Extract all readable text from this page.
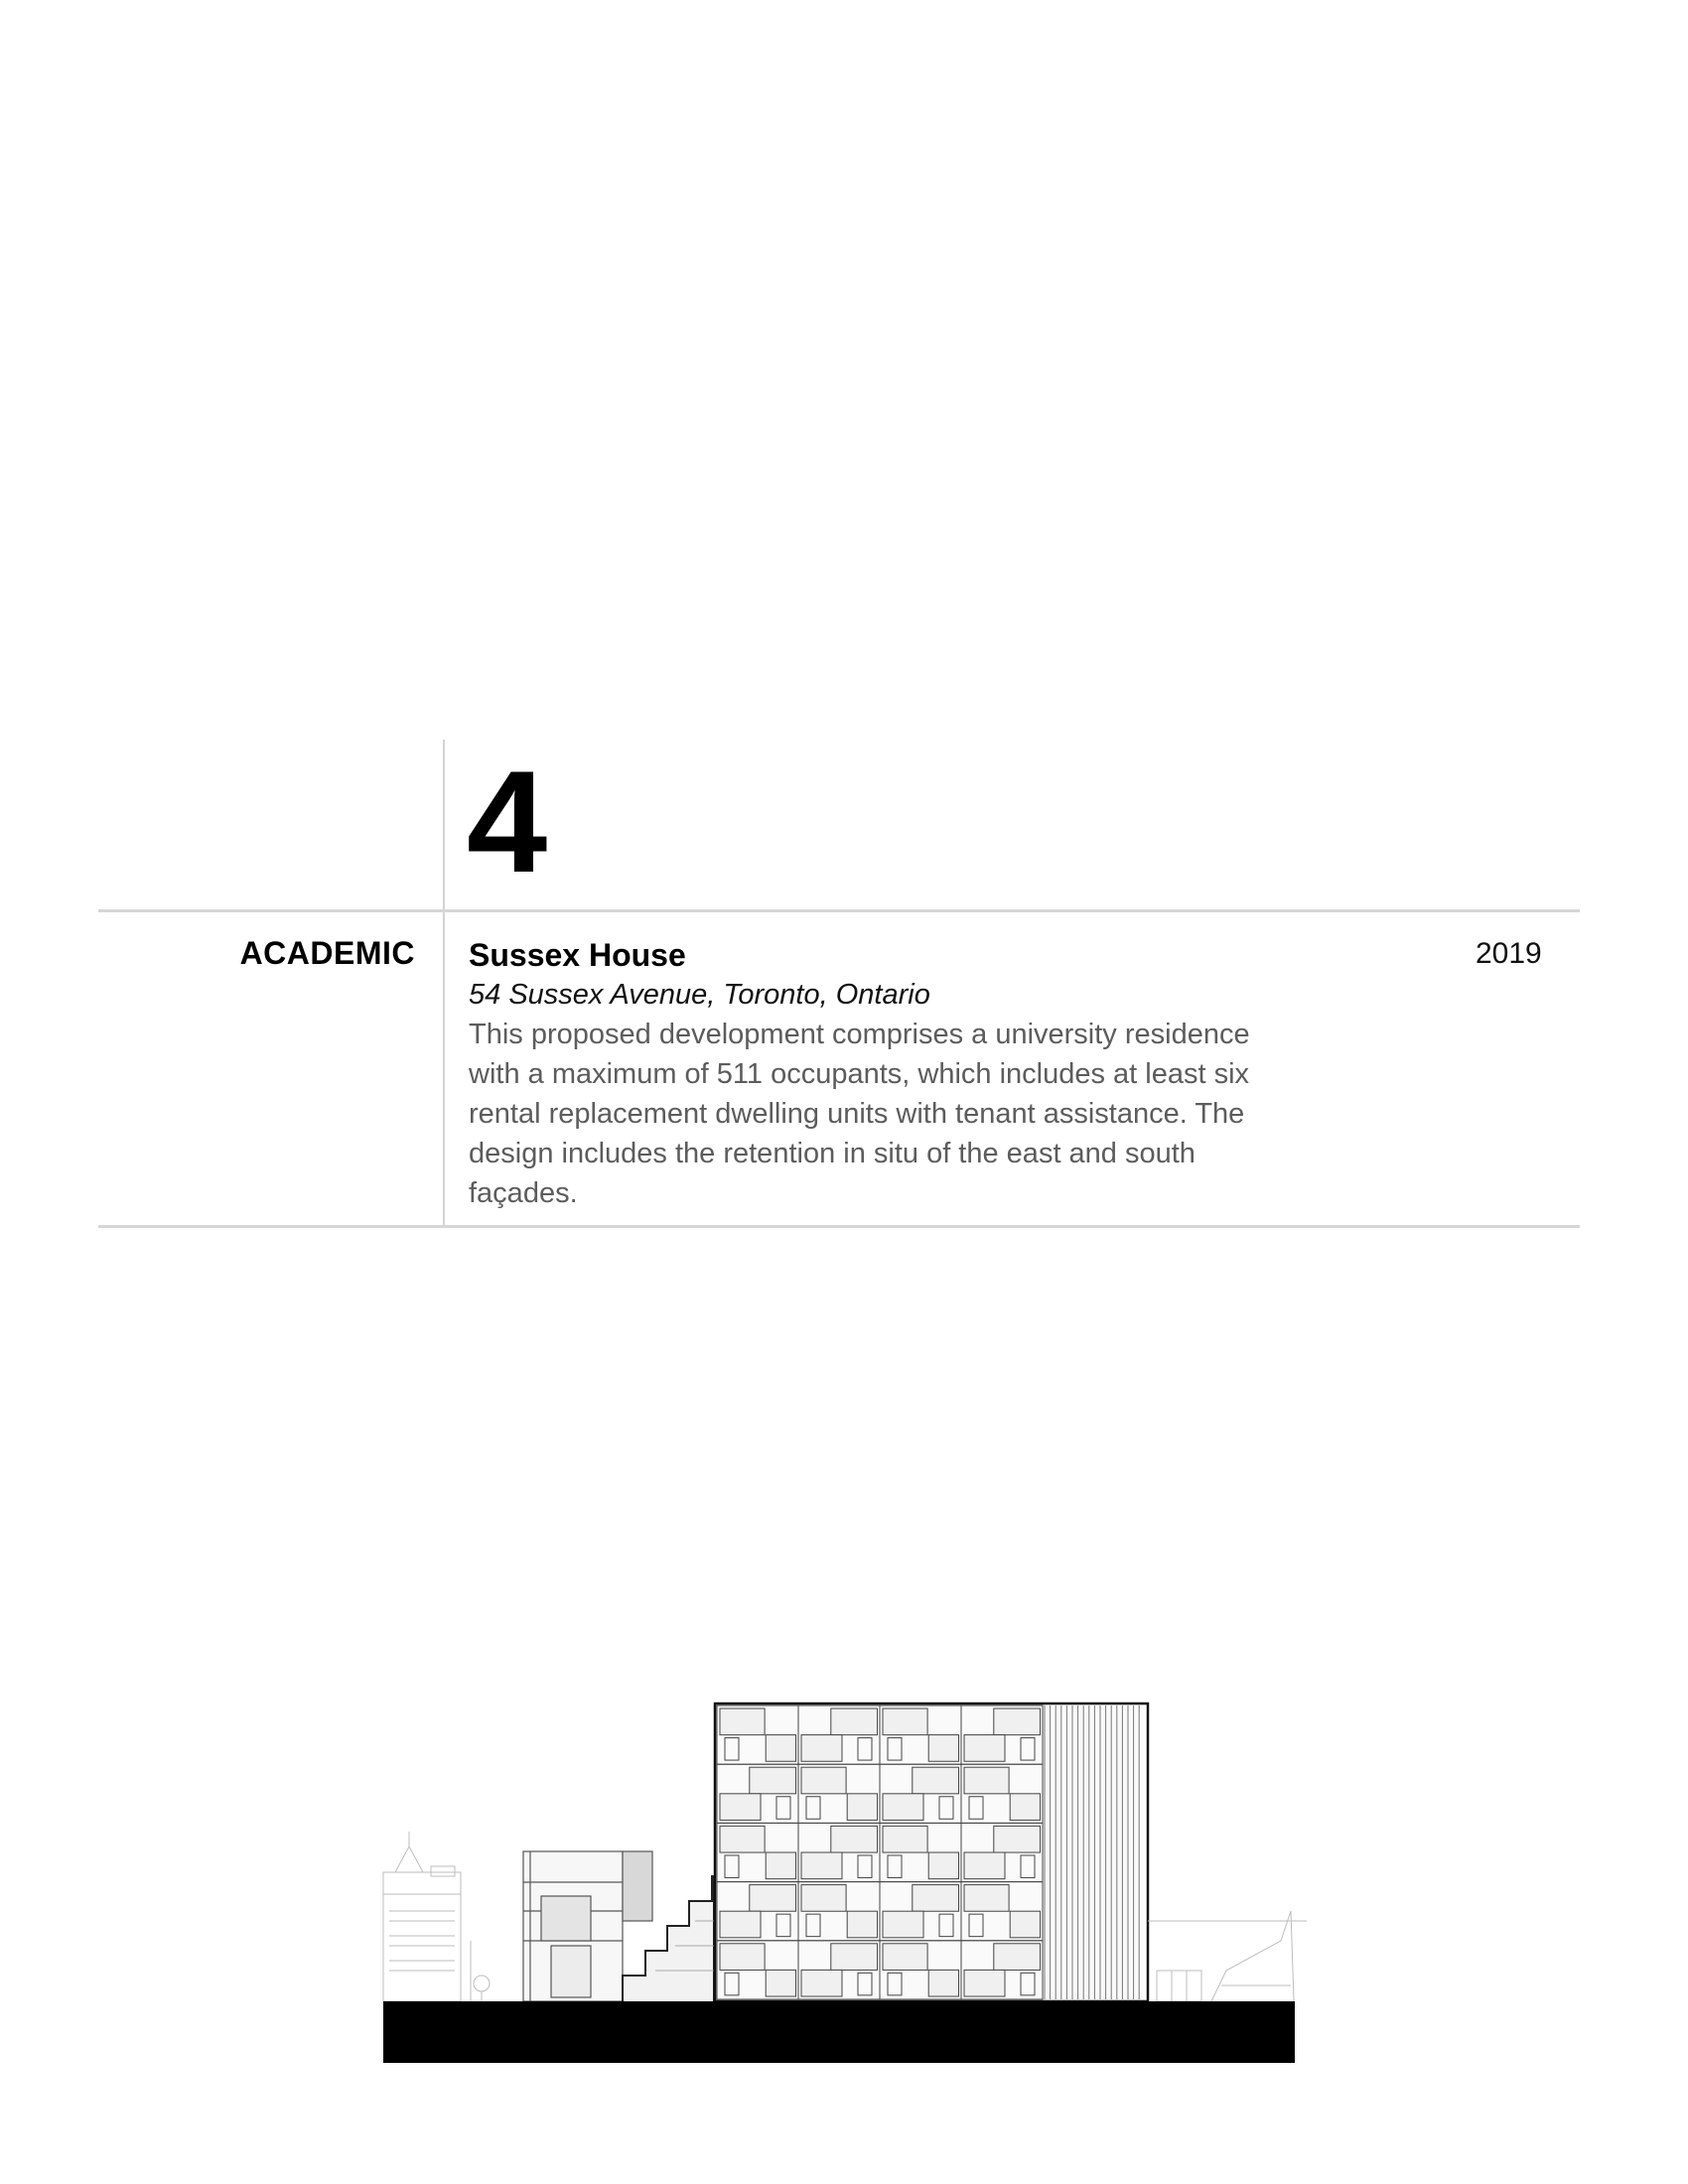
4
ACADEMIC Sussex House

54 Sussex Avenue, Toronto, Ontario

This proposed development comprises a university residence with a maximum of 511 occupants, which includes at least six rental replacement dwelling units with tenant assistance. The design includes the retention in situ of the east and south façades.

2019
